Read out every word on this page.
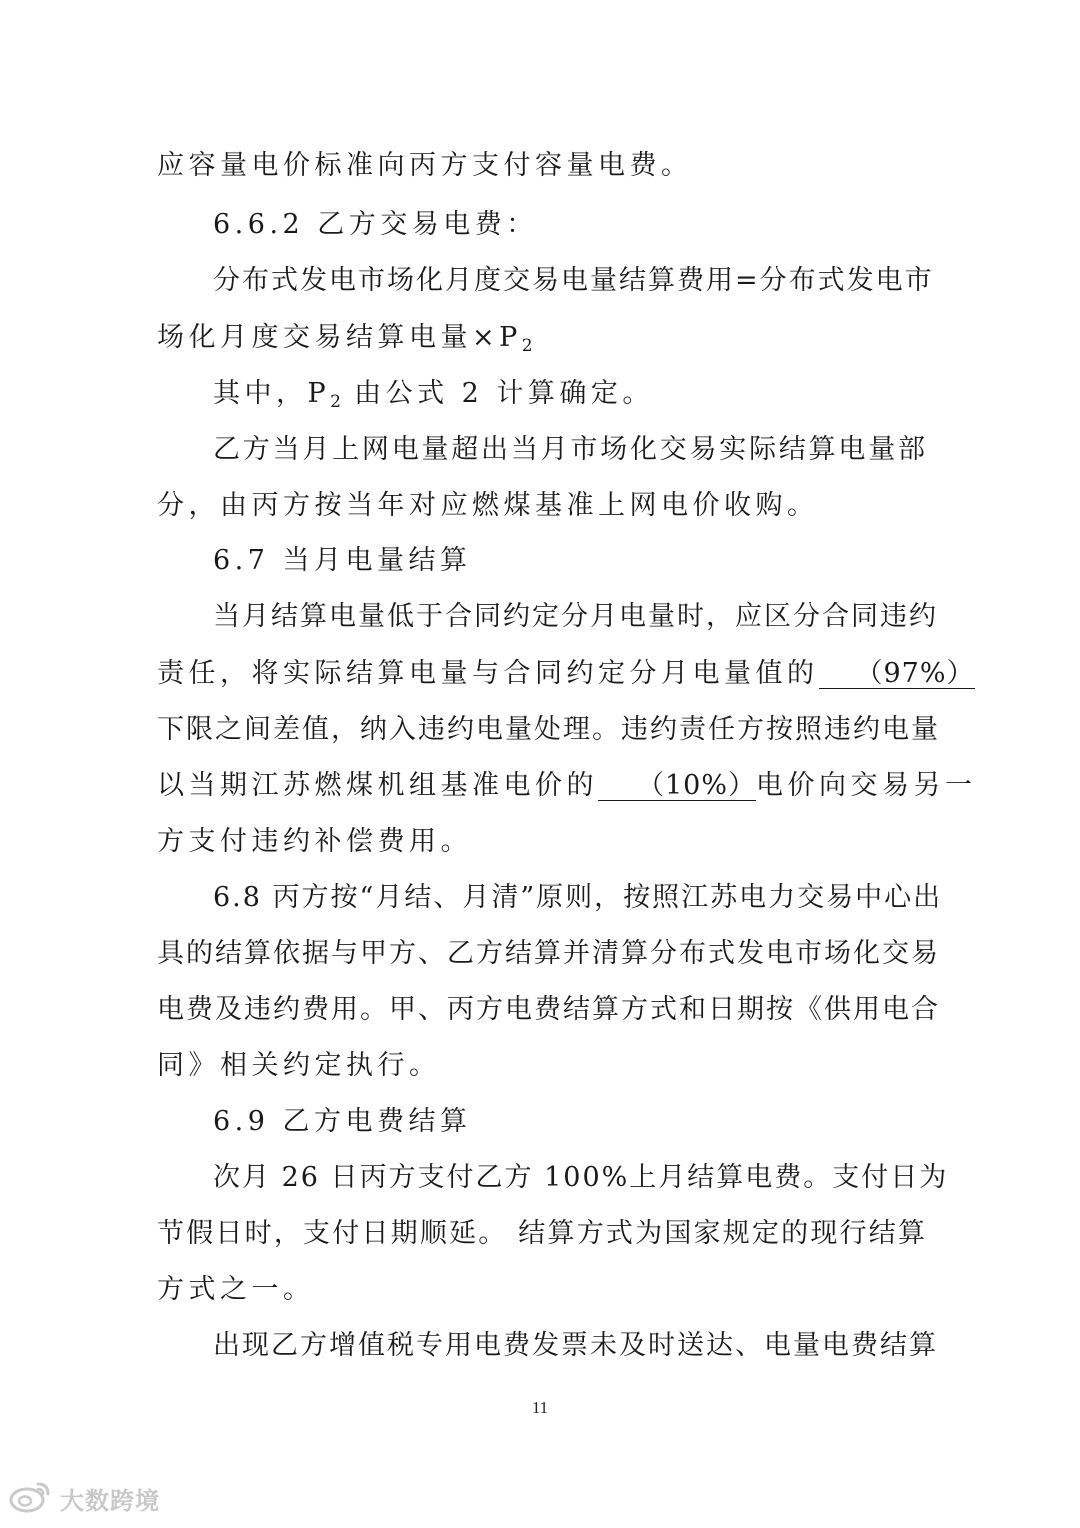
应容量电价标准向丙方支付容量电费。
6.6.2 乙方交易电费：
分布式发电市场化月度交易电量结算费用=分布式发电市
场化月度交易结算电量$\times P_2$
其中，$P_2$ 由公式 2 计算确定。
乙方当月上网电量超出当月市场化交易实际结算电量部
分，由丙方按当年对应燃煤基准上网电价收购。
6.7 当月电量结算
当月结算电量低于合同约定分月电量时，应区分合同违约
责任，将实际结算电量与合同约定分月电量值的 （97%）
下限之间差值，纳入违约电量处理。违约责任方按照违约电量
以当期江苏燃煤机组基准电价的 （10%）电价向交易另一
方支付违约补偿费用。
6.8 丙方按“月结、月清”原则，按照江苏电力交易中心出
具的结算依据与甲方、乙方结算并清算分布式发电市场化交易
电费及违约费用。甲、丙方电费结算方式和日期按《供用电合
同》相关约定执行。
6.9 乙方电费结算
次月 26 日丙方支付乙方 100%上月结算电费。支付日为
节假日时，支付日期顺延。 结算方式为国家规定的现行结算
方式之一。
出现乙方增值税专用电费发票未及时送达、电量电费结算
11
大数跨境
